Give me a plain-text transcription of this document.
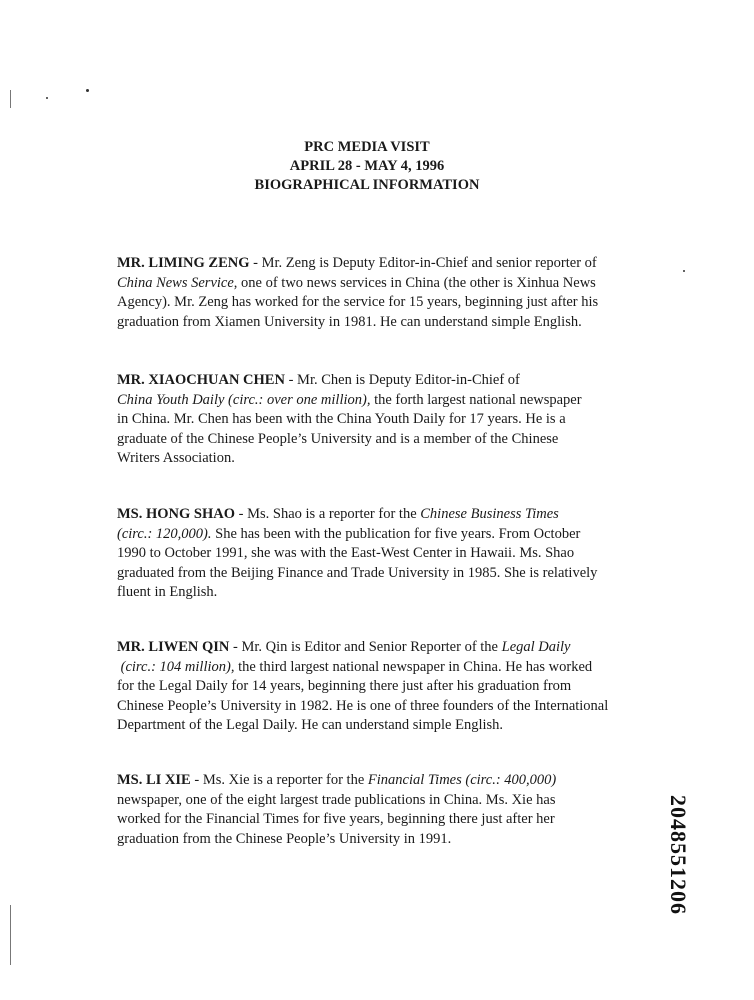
PRC MEDIA VISIT
APRIL 28 - MAY 4, 1996
BIOGRAPHICAL INFORMATION
MR. LIMING ZENG - Mr. Zeng is Deputy Editor-in-Chief and senior reporter of
China News Service, one of two news services in China (the other is Xinhua News
Agency). Mr. Zeng has worked for the service for 15 years, beginning just after his
graduation from Xiamen University in 1981. He can understand simple English.
MR. XIAOCHUAN CHEN - Mr. Chen is Deputy Editor-in-Chief of
China Youth Daily (circ.: over one million), the forth largest national newspaper
in China. Mr. Chen has been with the China Youth Daily for 17 years. He is a
graduate of the Chinese People’s University and is a member of the Chinese
Writers Association.
MS. HONG SHAO - Ms. Shao is a reporter for the Chinese Business Times
(circ.: 120,000). She has been with the publication for five years. From October
1990 to October 1991, she was with the East-West Center in Hawaii. Ms. Shao
graduated from the Beijing Finance and Trade University in 1985. She is relatively
fluent in English.
MR. LIWEN QIN - Mr. Qin is Editor and Senior Reporter of the Legal Daily
(circ.: 104 million), the third largest national newspaper in China. He has worked
for the Legal Daily for 14 years, beginning there just after his graduation from
Chinese People’s University in 1982. He is one of three founders of the International
Department of the Legal Daily. He can understand simple English.
MS. LI XIE - Ms. Xie is a reporter for the Financial Times (circ.: 400,000)
newspaper, one of the eight largest trade publications in China. Ms. Xie has
worked for the Financial Times for five years, beginning there just after her
graduation from the Chinese People’s University in 1991.	2048551206
